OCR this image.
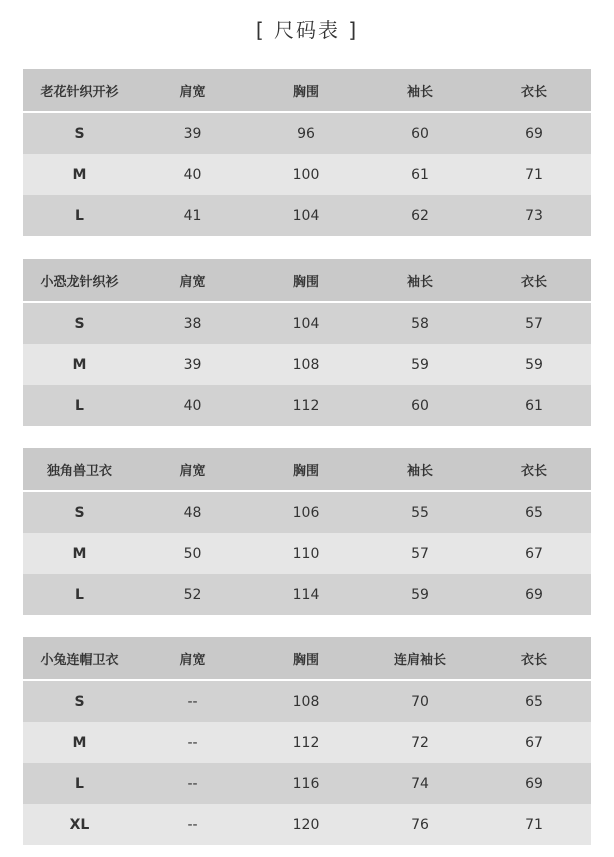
[ 尺码表 ]
老花针织开衫	肩宽	胸围	袖长	衣长
S	39	96	60	69
M	40	100	61	71
L	41	104	62	73
小恐龙针织衫	肩宽	胸围	袖长	衣长
S	38	104	58	57
M	39	108	59	59
L	40	112	60	61
独角兽卫衣	肩宽	胸围	袖长	衣长
S	48	106	55	65
M	50	110	57	67
L	52	114	59	69
小兔连帽卫衣	肩宽	胸围	连肩袖长	衣长
S	--	108	70	65
M	--	112	72	67
L	--	116	74	69
XL	--	120	76	71
